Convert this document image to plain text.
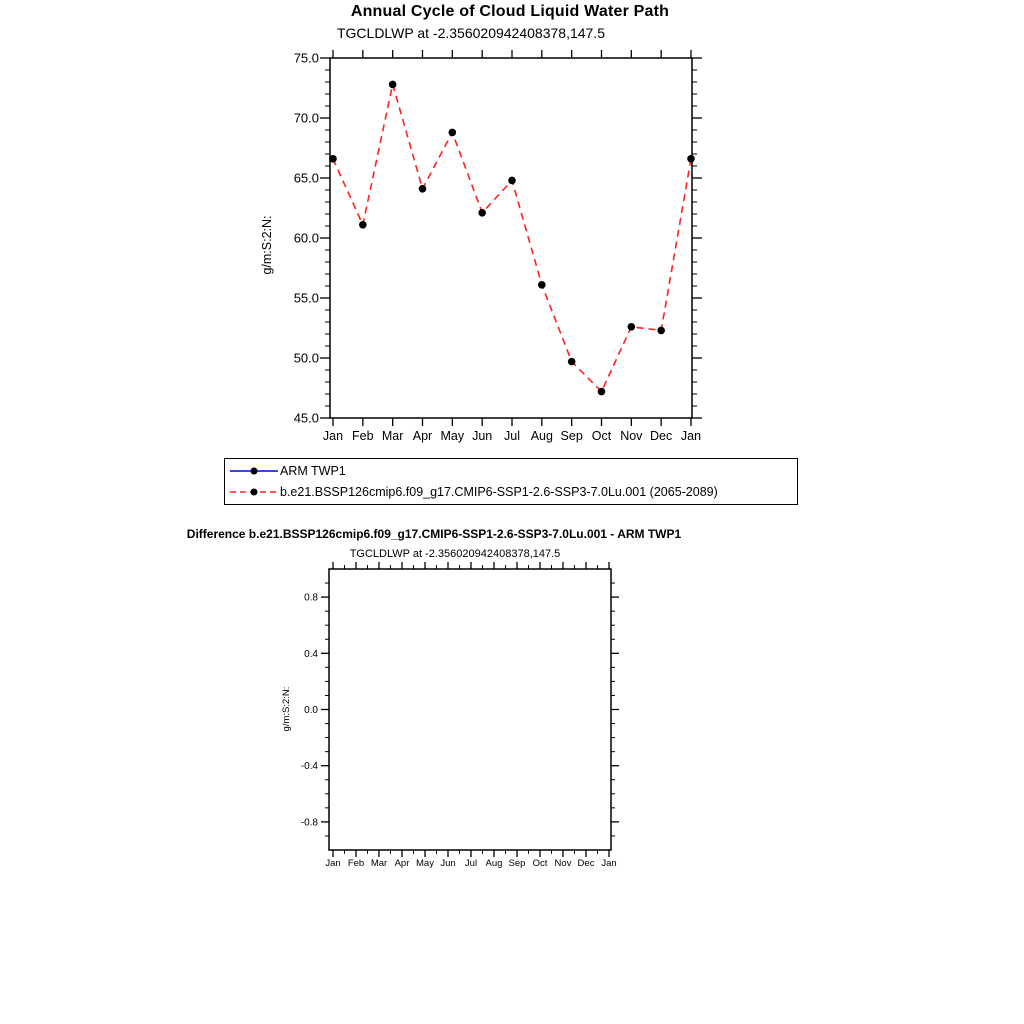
Jan Feb Mar Apr May Jun Jul Aug Sep Oct Nov Dec Jan
45.0
50.0
55.0
60.0
65.0
70.0
75.0
g/m:S:2:N:
Jan Feb Mar Apr May Jun Jul Aug Sep Oct Nov Dec Jan
-0.8
-0.4
0.0
0.4
0.8
g/m:S:2:N:
Annual Cycle of Cloud Liquid Water Path
TGCLDLWP at -2.356020942408378,147.5
ARM TWP1
b.e21.BSSP126cmip6.f09_g17.CMIP6-SSP1-2.6-SSP3-7.0Lu.001 (2065-2089)
Difference b.e21.BSSP126cmip6.f09_g17.CMIP6-SSP1-2.6-SSP3-7.0Lu.001 - ARM TWP1
TGCLDLWP at -2.356020942408378,147.5
